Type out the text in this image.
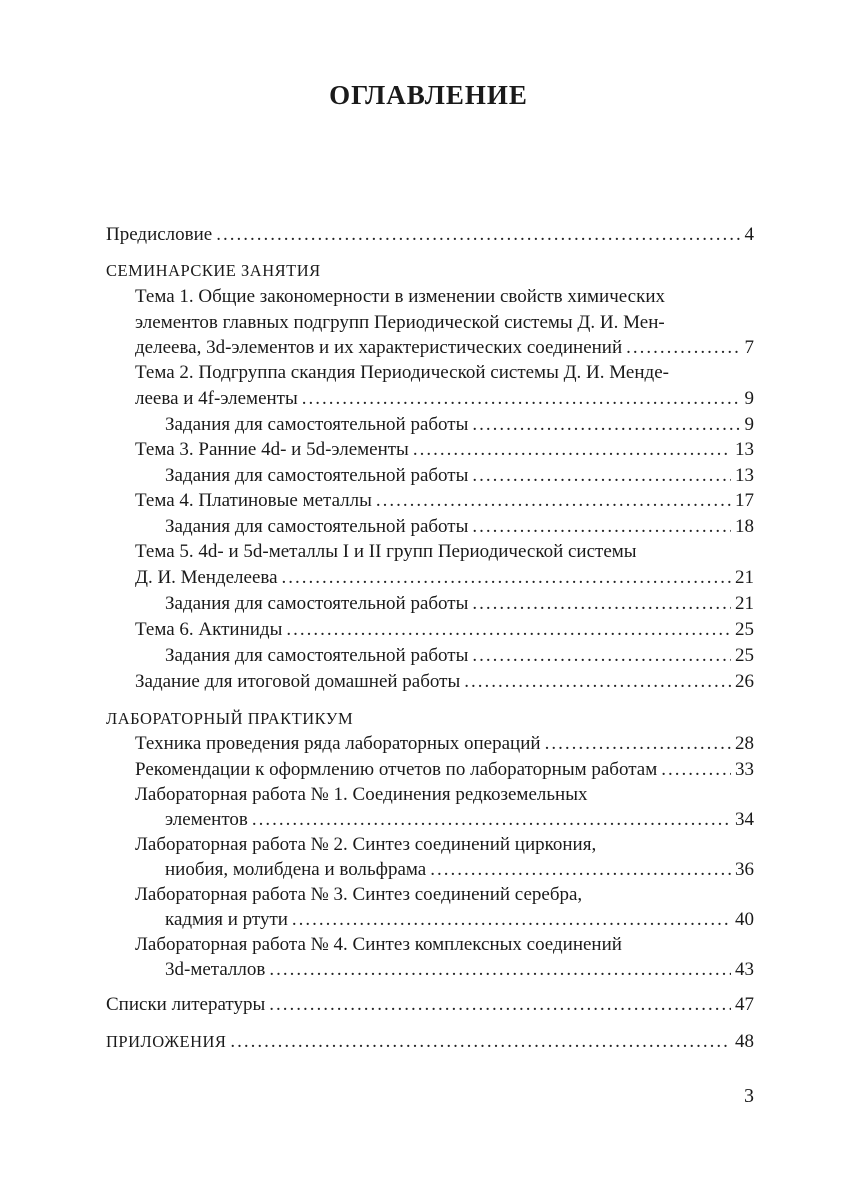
ОГЛАВЛЕНИЕ
Предисловие .....	4
СЕМИНАРСКИЕ ЗАНЯТИЯ
Тема 1. Общие закономерности в изменении свойств химических
элементов главных подгрупп Периодической системы Д. И. Мен-
делеева, 3d-элементов и их характеристических соединений .....	7
Тема 2. Подгруппа скандия Периодической системы Д. И. Менде-
леева и 4f-элементы .....	9
Задания для самостоятельной работы .....	9
Тема 3. Ранние 4d- и 5d-элементы .....	13
Задания для самостоятельной работы .....	13
Тема 4. Платиновые металлы .....	17
Задания для самостоятельной работы .....	18
Тема 5. 4d- и 5d-металлы I и II групп Периодической системы
Д. И. Менделеева .....	21
Задания для самостоятельной работы .....	21
Тема 6. Актиниды .....	25
Задания для самостоятельной работы .....	25
Задание для итоговой домашней работы .....	26
ЛАБОРАТОРНЫЙ ПРАКТИКУМ
Техника проведения ряда лабораторных операций .....	28
Рекомендации к оформлению отчетов по лабораторным работам .....	33
Лабораторная работа № 1. Соединения редкоземельных
элементов .....	34
Лабораторная работа № 2. Синтез соединений циркония,
ниобия, молибдена и вольфрама .....	36
Лабораторная работа № 3. Синтез соединений серебра,
кадмия и ртути .....	40
Лабораторная работа № 4. Синтез комплексных соединений
3d-металлов .....	43
Списки литературы .....	47
ПРИЛОЖЕНИЯ .....	48
3
